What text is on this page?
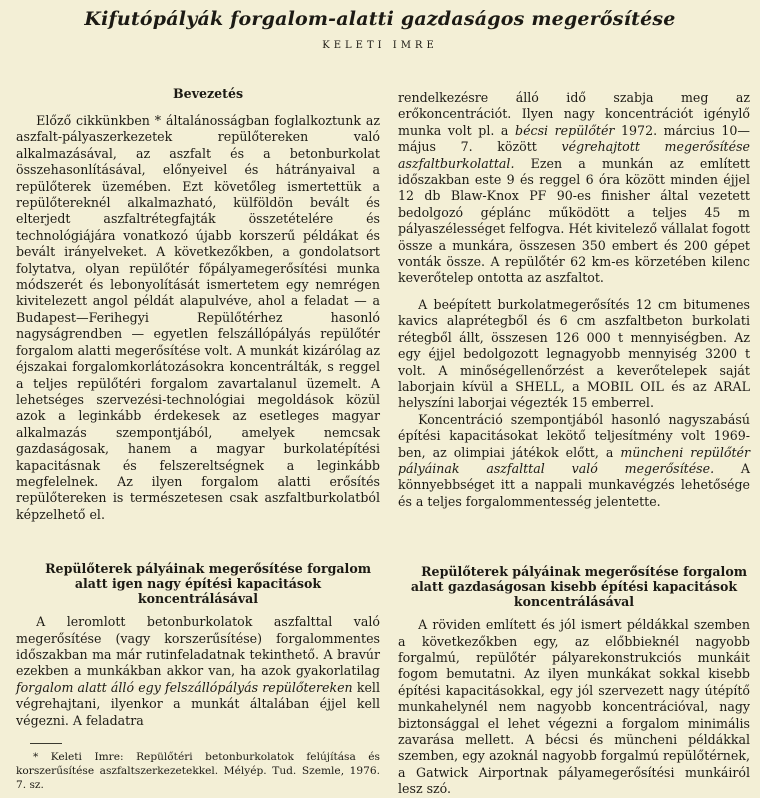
Kifutópályák forgalom-alatti gazdaságos megerősítése
KELETI IMRE

Bevezetés

Előző cikkünkben * általánosságban foglalkoztunk az aszfalt-pályaszerkezetek repülőtereken való alkalmazásával, az aszfalt és a betonburkolat összehasonlításával, előnyeivel és hátrányaival a repülőterek üzemében. Ezt követőleg ismertettük a repülőtereknél alkalmazható, külföldön bevált és elterjedt aszfaltrétegfajták összetételére és technológiájára vonatkozó újabb korszerű példákat és bevált irányelveket. A következőkben, a gondolatsort folytatva, olyan repülőtér főpályamegerősítési munka módszerét és lebonyolítását ismertetem egy nemrégen kivitelezett angol példát alapulvéve, ahol a feladat — a Budapest—Ferihegyi Repülőtérhez hasonló nagyságrendben — egyetlen felszállópályás repülőtér forgalom alatti megerősítése volt. A munkát kizárólag az éjszakai forgalomkorlátozásokra koncentrálták, s reggel a teljes repülőtéri forgalom zavartalanul üzemelt. A lehetséges szervezési-technológiai megoldások közül azok a leginkább érdekesek az esetleges magyar alkalmazás szempontjából, amelyek nemcsak gazdaságosak, hanem a magyar burkolatépítési kapacitásnak és felszereltségnek a leginkább megfelelnek. Az ilyen forgalom alatti erősítés repülőtereken is természetesen csak aszfaltburkolatból képzelhető el.

Repülőterek pályáinak megerősítése forgalom alatt igen nagy építési kapacitások koncentrálásával

A leromlott betonburkolatok aszfalttal való megerősítése (vagy korszerűsítése) forgalommentes időszakban ma már rutinfeladatnak tekinthető. A bravúr ezekben a munkákban akkor van, ha azok gyakorlatilag forgalom alatt álló egy felszállópályás repülőtereken kell végrehajtani, ilyenkor a munkát általában éjjel kell végezni. A feladatra

* Keleti Imre: Repülőtéri betonburkolatok felújítása és korszerűsítése aszfaltszerkezetekkel. Mélyép. Tud. Szemle, 1976. 7. sz.

rendelkezésre álló idő szabja meg az erőkoncentrációt. Ilyen nagy koncentrációt igénylő munka volt pl. a bécsi repülőtér 1972. március 10—május 7. között végrehajtott megerősítése aszfaltburkolattal. Ezen a munkán az említett időszakban este 9 és reggel 6 óra között minden éjjel 12 db Blaw-Knox PF 90-es finisher által vezetett bedolgozó géplánc működött a teljes 45 m pályaszélességet felfogva. Hét kivitelező vállalat fogott össze a munkára, összesen 350 embert és 200 gépet vonták össze. A repülőtér 62 km-es körzetében kilenc keverőtelep ontotta az aszfaltot.

A beépített burkolatmegerősítés 12 cm bitumenes kavics alaprétegből és 6 cm aszfaltbeton burkolati rétegből állt, összesen 126 000 t mennyiségben. Az egy éjjel bedolgozott legnagyobb mennyiség 3200 t volt. A minőségellenőrzést a keverőtelepek saját laborjain kívül a SHELL, a MOBIL OIL és az ARAL helyszíni laborjai végezték 15 emberrel.

Koncentráció szempontjából hasonló nagyszabású építési kapacitásokat lekötő teljesítmény volt 1969-ben, az olimpiai játékok előtt, a müncheni repülőtér pályáinak aszfalttal való megerősítése. A könnyebbséget itt a nappali munkavégzés lehetősége és a teljes forgalommentesség jelentette.

Repülőterek pályáinak megerősítése forgalom alatt gazdaságosan kisebb építési kapacitások koncentrálásával

A röviden említett és jól ismert példákkal szemben a következőkben egy, az előbbieknél nagyobb forgalmú, repülőtér pályarekonstrukciós munkáit fogom bemutatni. Az ilyen munkákat sokkal kisebb építési kapacitásokkal, egy jól szervezett nagy útépítő munkahelynél nem nagyobb koncentrációval, nagy biztonsággal el lehet végezni a forgalom minimális zavarása mellett. A bécsi és müncheni példákkal szemben, egy azoknál nagyobb forgalmú repülőtérnek, a Gatwick Airportnak pályamegerősítési munkáiról lesz szó.
